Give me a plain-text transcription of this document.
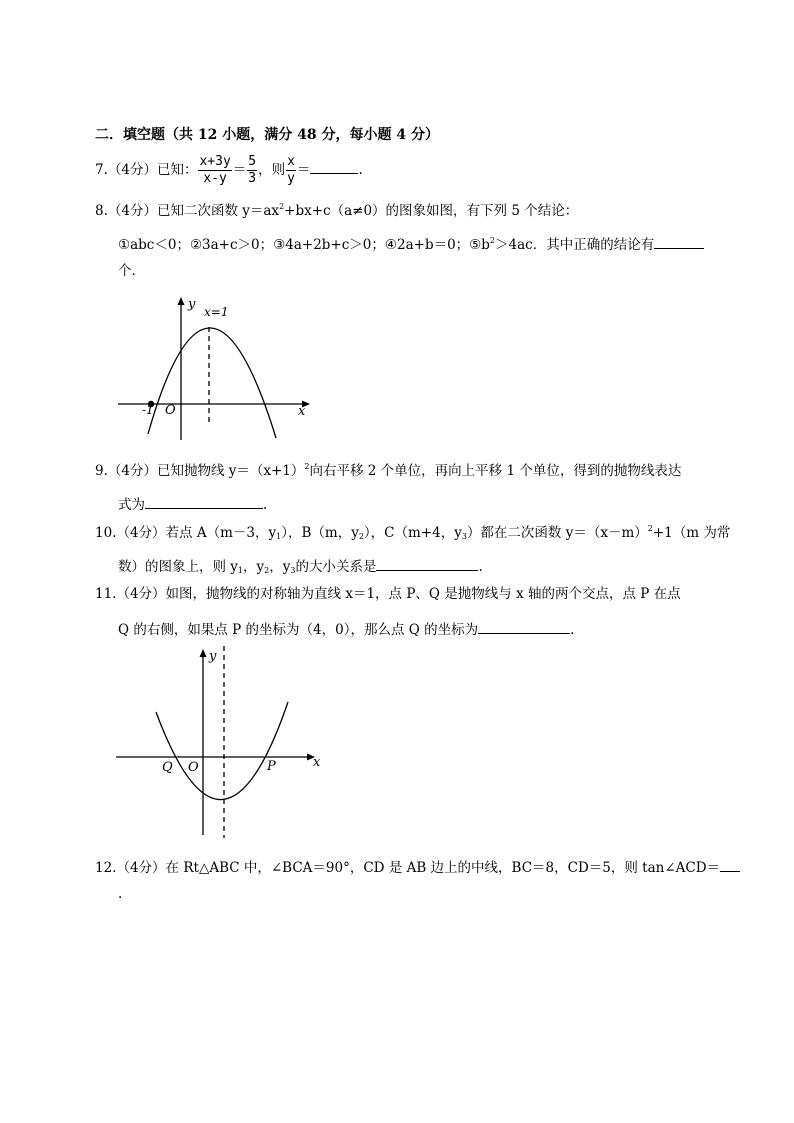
二．填空题（共 12 小题，满分 48 分，每小题 4 分）
7.（4分）已知： $\frac{x+3y}{x-y} = \frac{5}{3}$ ，则 $\frac{x}{y}$ ＝	.
8.（4分）已知二次函数 $y=ax^2+bx+c(a\ne 0)$的图象如图，有下列 5 个结论：
①abc＜0；②3a+c＞0；③4a+2b+c＞0；④2a+b＝0；$⑤b^2>4ac$．其中正确的结论有
个．
y
x
O
-1
x=1
9.（4分）已知抛物线 $y=(x+1)^2$向右平移 2 个单位，再向上平移 1 个单位，得到的抛物线表达
式为	.
10.（4分）若点 A（m－3，$y_1$），B（m，$y_2$），C（m+4，$y_3$）都在二次函数 $y=(x-m)^2+1(m$ 为常
数）的图象上，则 $y_1$，$y_2$，$y_3$的大小关系是	.
11.（4分）如图，抛物线的对称轴为直线 x＝1，点 P、Q 是抛物线与 x 轴的两个交点，点 P 在点
Q 的右侧，如果点 P 的坐标为（4，0），那么点 Q 的坐标为	.
y
x
Q O	P
12.（4分）在 Rt△ABC 中，∠BCA＝90°，CD 是 AB 边上的中线，BC＝8，CD＝5，则 tan∠ACD＝
.
